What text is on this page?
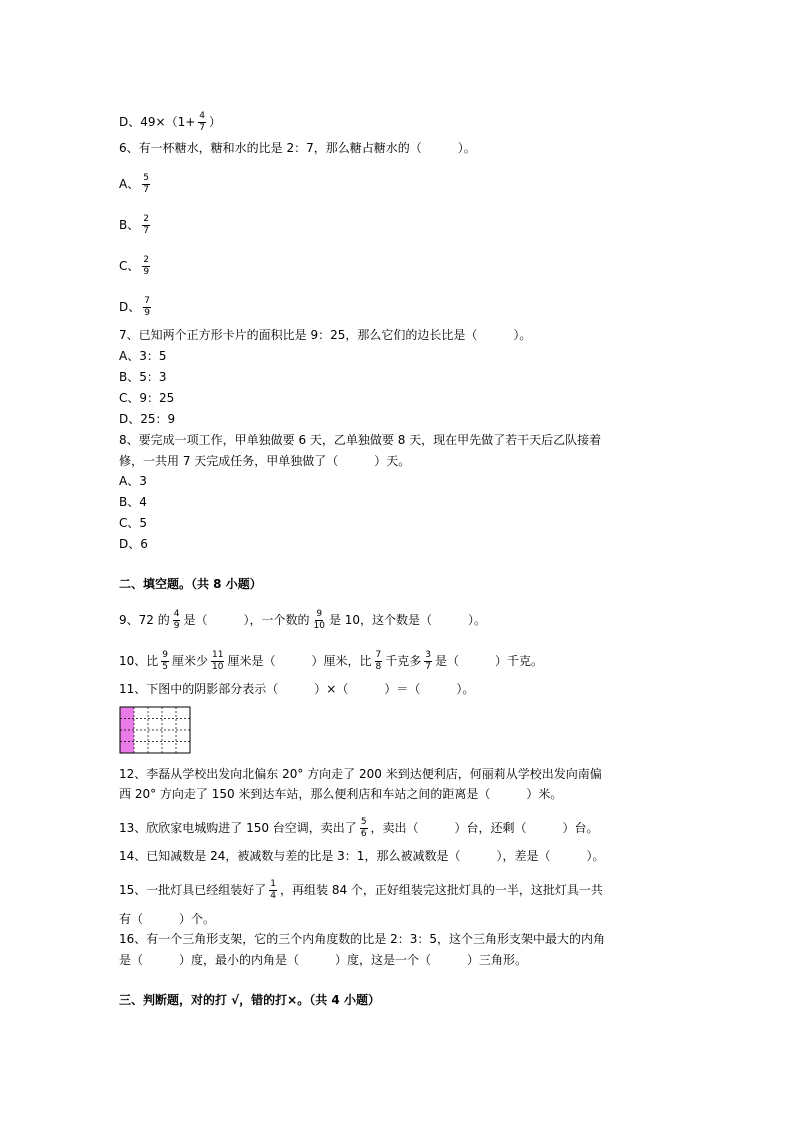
D、$49\times(1+ \frac{4}{7}$ ）
6、有一杯糖水，糖和水的比是 2：7，那么糖占糖水的（　　　）。
A、 $\frac{5}{7}$
B、 $\frac{2}{7}$
C、 $\frac{2}{9}$
D、 $\frac{7}{9}$
7、已知两个正方形卡片的面积比是 9：25，那么它们的边长比是（　　　）。
A、3：5
B、5：3
C、9：25
D、25：9
8、要完成一项工作，甲单独做要 6 天，乙单独做要 8 天，现在甲先做了若干天后乙队接着
修，一共用 7 天完成任务，甲单独做了（　　　）天。
A、3
B、4
C、5
D、6
二、填空题。（共 8 小题）
9、72 的 $\frac{4}{9}$ 是（　　　），一个数的 $\frac{9}{10}$ 是 10，这个数是（　　　）。
10、比 $\frac{9}{5}$ 厘米少 $\frac{11}{10}$ 厘米是（　　　）厘米，比 $\frac{7}{8}$ 千克多 $\frac{3}{7}$ 是（　　　）千克。
11、下图中的阴影部分表示（　　　）×（　　　）＝（　　　）。
12、李磊从学校出发向北偏东 20° 方向走了 200 米到达便利店，何丽莉从学校出发向南偏
西 20° 方向走了 150 米到达车站，那么便利店和车站之间的距离是（　　　）米。
13、欣欣家电城购进了 150 台空调，卖出了 $\frac{5}{6}$ ，卖出（　　　）台，还剩（　　　）台。
14、已知减数是 24，被减数与差的比是 3：1，那么被减数是（　　　），差是（　　　）。
15、一批灯具已经组装好了 $\frac{1}{4}$ ，再组装 84 个，正好组装完这批灯具的一半，这批灯具一共
有（　　　）个。
16、有一个三角形支架，它的三个内角度数的比是 2：3：5，这个三角形支架中最大的内角
是（　　　）度，最小的内角是（　　　）度，这是一个（　　　）三角形。
三、判断题，对的打 √，错的打×。（共 4 小题）
